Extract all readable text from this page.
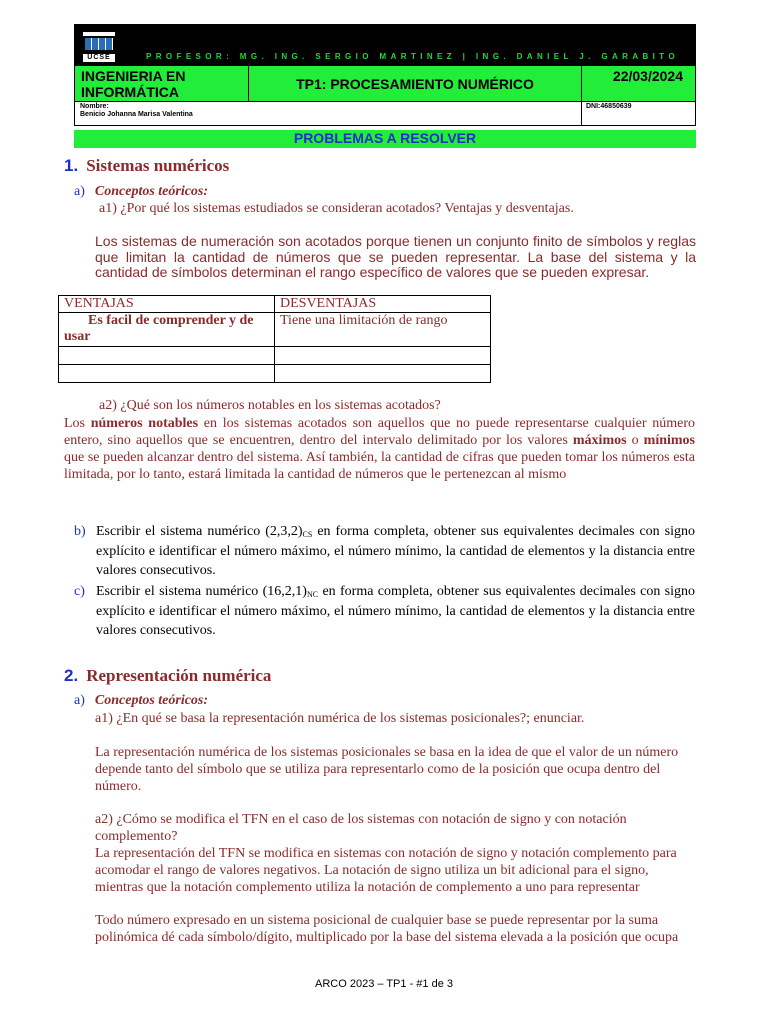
UCSE	PROFESOR: MG. ING. SERGIO MARTINEZ | ING. DANIEL J. GARABITO
INGENIERIA EN INFORMÁTICA
TP1: PROCESAMIENTO NUMÉRICO	22/03/2024
Nombre:
Benicio Johanna Marisa Valentina
DNI:46850639
PROBLEMAS A RESOLVER
1. Sistemas numéricos
a) Conceptos teóricos:
a1) ¿Por qué los sistemas estudiados se consideran acotados? Ventajas y desventajas.
Los sistemas de numeración son acotados porque tienen un conjunto finito de símbolos y reglas que limitan la cantidad de números que se pueden representar. La base del sistema y la cantidad de símbolos determinan el rango específico de valores que se pueden expresar.
VENTAJAS	DESVENTAJAS
Es facil de comprender y de usar	Tiene una limitación de rango

a2) ¿Qué son los números notables en los sistemas acotados?
Los números notables en los sistemas acotados son aquellos que no puede representarse cualquier número entero, sino aquellos que se encuentren, dentro del intervalo delimitado por los valores máximos o mínimos que se pueden alcanzar dentro del sistema. Así también, la cantidad de cifras que pueden tomar los números esta limitada, por lo tanto, estará limitada la cantidad de números que le pertenezcan al mismo
b) Escribir el sistema numérico $(2,3,2)_{CS}$ en forma completa, obtener sus equivalentes decimales con signo explícito e identificar el número máximo, el número mínimo, la cantidad de elementos y la distancia entre valores consecutivos.
c) Escribir el sistema numérico $(16,2,1)_{NC}$ en forma completa, obtener sus equivalentes decimales con signo explícito e identificar el número máximo, el número mínimo, la cantidad de elementos y la distancia entre valores consecutivos.
2. Representación numérica
a) Conceptos teóricos:
a1) ¿En qué se basa la representación numérica de los sistemas posicionales?; enunciar.
La representación numérica de los sistemas posicionales se basa en la idea de que el valor de un número depende tanto del símbolo que se utiliza para representarlo como de la posición que ocupa dentro del número.
a2) ¿Cómo se modifica el TFN en el caso de los sistemas con notación de signo y con notación complemento?
La representación del TFN se modifica en sistemas con notación de signo y notación complemento para acomodar el rango de valores negativos. La notación de signo utiliza un bit adicional para el signo, mientras que la notación complemento utiliza la notación de complemento a uno para representar
Todo número expresado en un sistema posicional de cualquier base se puede representar por la suma polinómica dé cada símbolo/dígito, multiplicado por la base del sistema elevada a la posición que ocupa
ARCO 2023 – TP1 - #1 de 3
